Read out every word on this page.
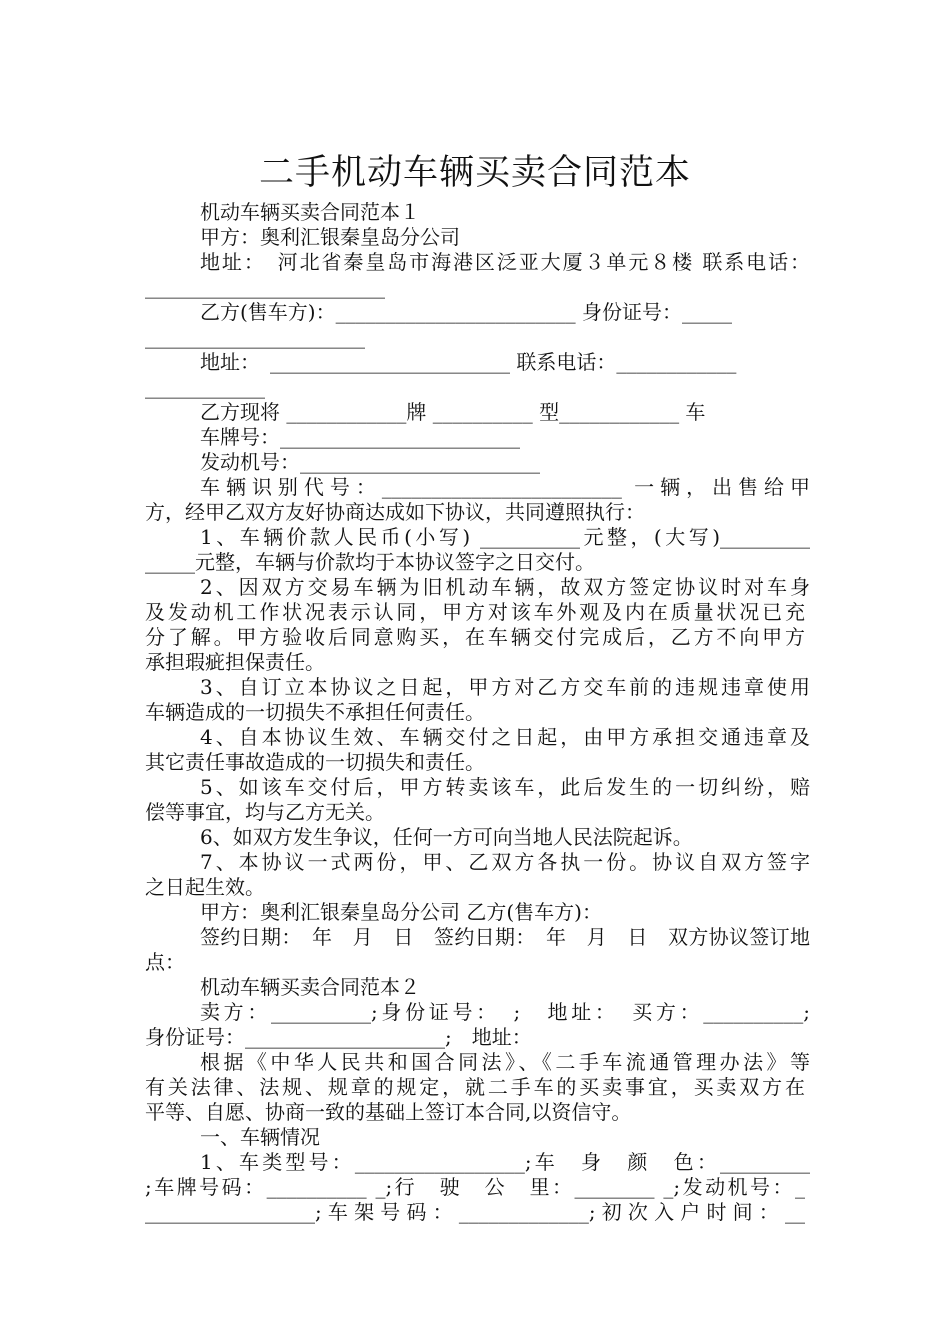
二手机动车辆买卖合同范本
机动车辆买卖合同范本１
甲方：奥利汇银秦皇岛分公司
地址：　河北省秦皇岛市海港区泛亚大厦３单元８楼 联系电话：
________________________
乙方(售车方)：________________________ 身份证号：_____
______________________
地址：　________________________ 联系电话：____________
____________
乙方现将 ____________牌 __________ 型____________ 车
车牌号：________________________
发动机号：________________________
车辆识别代号：________________________ 一辆，出售给甲
方，经甲乙双方友好协商达成如下协议，共同遵照执行：
1、车辆价款人民币(小写) __________元整，(大写)_________
_____元整，车辆与价款均于本协议签字之日交付。
2、因双方交易车辆为旧机动车辆，故双方签定协议时对车身
及发动机工作状况表示认同，甲方对该车外观及内在质量状况已充
分了解。甲方验收后同意购买，在车辆交付完成后，乙方不向甲方
承担瑕疵担保责任。
3、自订立本协议之日起，甲方对乙方交车前的违规违章使用
车辆造成的一切损失不承担任何责任。
4、自本协议生效、车辆交付之日起，由甲方承担交通违章及
其它责任事故造成的一切损失和责任。
5、如该车交付后，甲方转卖该车，此后发生的一切纠纷，赔
偿等事宜，均与乙方无关。
6、如双方发生争议，任何一方可向当地人民法院起诉。
7、本协议一式两份，甲、乙双方各执一份。协议自双方签字
之日起生效。
甲方：奥利汇银秦皇岛分公司 乙方(售车方)：
签约日期：　年　月　日　签约日期：　年　月　日　双方协议签订地
点：
机动车辆买卖合同范本２
卖方：__________;身份证号：　;　地址：　买方：__________;
身份证号：____________________;　地址：
根据《中华人民共和国合同法》、《二手车流通管理办法》等
有关法律、法规、规章的规定，就二手车的买卖事宜，买卖双方在
平等、自愿、协商一致的基础上签订本合同,以资信守。
一、车辆情况
1、车类型号：_________________;车　身　颜　色：_________
;车牌号码：__________ _;行　驶　公　里：________ _;发动机号：_
_________________;车架号码：_____________;初次入户时间：__
